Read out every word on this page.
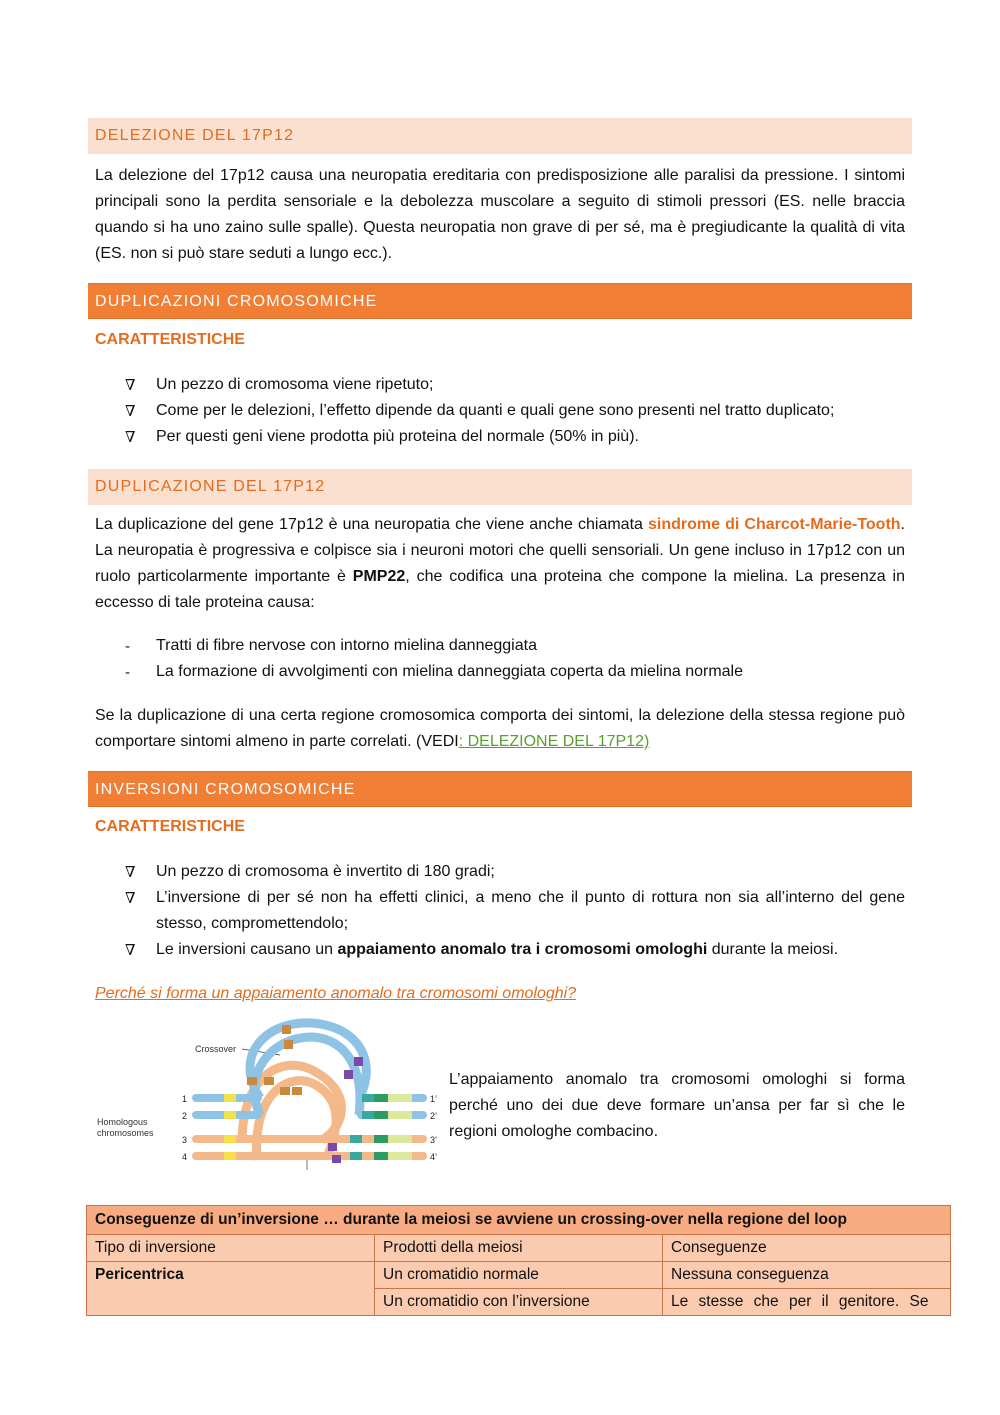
DELEZIONE DEL 17P12

La delezione del 17p12 causa una neuropatia ereditaria con predisposizione alle paralisi da pressione. I sintomi principali sono la perdita sensoriale e la debolezza muscolare a seguito di stimoli pressori (ES. nelle braccia quando si ha uno zaino sulle spalle). Questa neuropatia non grave di per sé, ma è pregiudicante la qualità di vita (ES. non si può stare seduti a lungo ecc.).

DUPLICAZIONI CROMOSOMICHE
CARATTERISTICHE
∇ Un pezzo di cromosoma viene ripetuto;
∇ Come per le delezioni, l’effetto dipende da quanti e quali gene sono presenti nel tratto duplicato;
∇ Per questi geni viene prodotta più proteina del normale (50% in più).
DUPLICAZIONE DEL 17P12

La duplicazione del gene 17p12 è una neuropatia che viene anche chiamata sindrome di Charcot-Marie-Tooth. La neuropatia è progressiva e colpisce sia i neuroni motori che quelli sensoriali. Un gene incluso in 17p12 con un ruolo particolarmente importante è PMP22, che codifica una proteina che compone la mielina. La presenza in eccesso di tale proteina causa:

- Tratti di fibre nervose con intorno mielina danneggiata
- La formazione di avvolgimenti con mielina danneggiata coperta da mielina normale

Se la duplicazione di una certa regione cromosomica comporta dei sintomi, la delezione della stessa regione può comportare sintomi almeno in parte correlati. (VEDI: DELEZIONE DEL 17P12)

INVERSIONI CROMOSOMICHE
CARATTERISTICHE
∇ Un pezzo di cromosoma è invertito di 180 gradi;
∇ L’inversione di per sé non ha effetti clinici, a meno che il punto di rottura non sia all’interno del gene stesso, compromettendolo;
∇ Le inversioni causano un appaiamento anomalo tra i cromosomi omologhi durante la meiosi.
Perché si forma un appaiamento anomalo tra cromosomi omologhi?
Homologous
chromosomes
Crossover
1
2
3
4
1’
2’
3’
4’

L’appaiamento anomalo tra cromosomi omologhi si forma perché uno dei due deve formare un’ansa per far sì che le regioni omologhe combacino.

Conseguenze di un’inversione … durante la meiosi se avviene un crossing-over nella regione del loop		
Tipo di inversione	Prodotti della meiosi	Conseguenze
Pericentrica	Un cromatidio normale	Nessuna conseguenza
	Un cromatidio con l’inversione	Le stesse che per il genitore. Se
